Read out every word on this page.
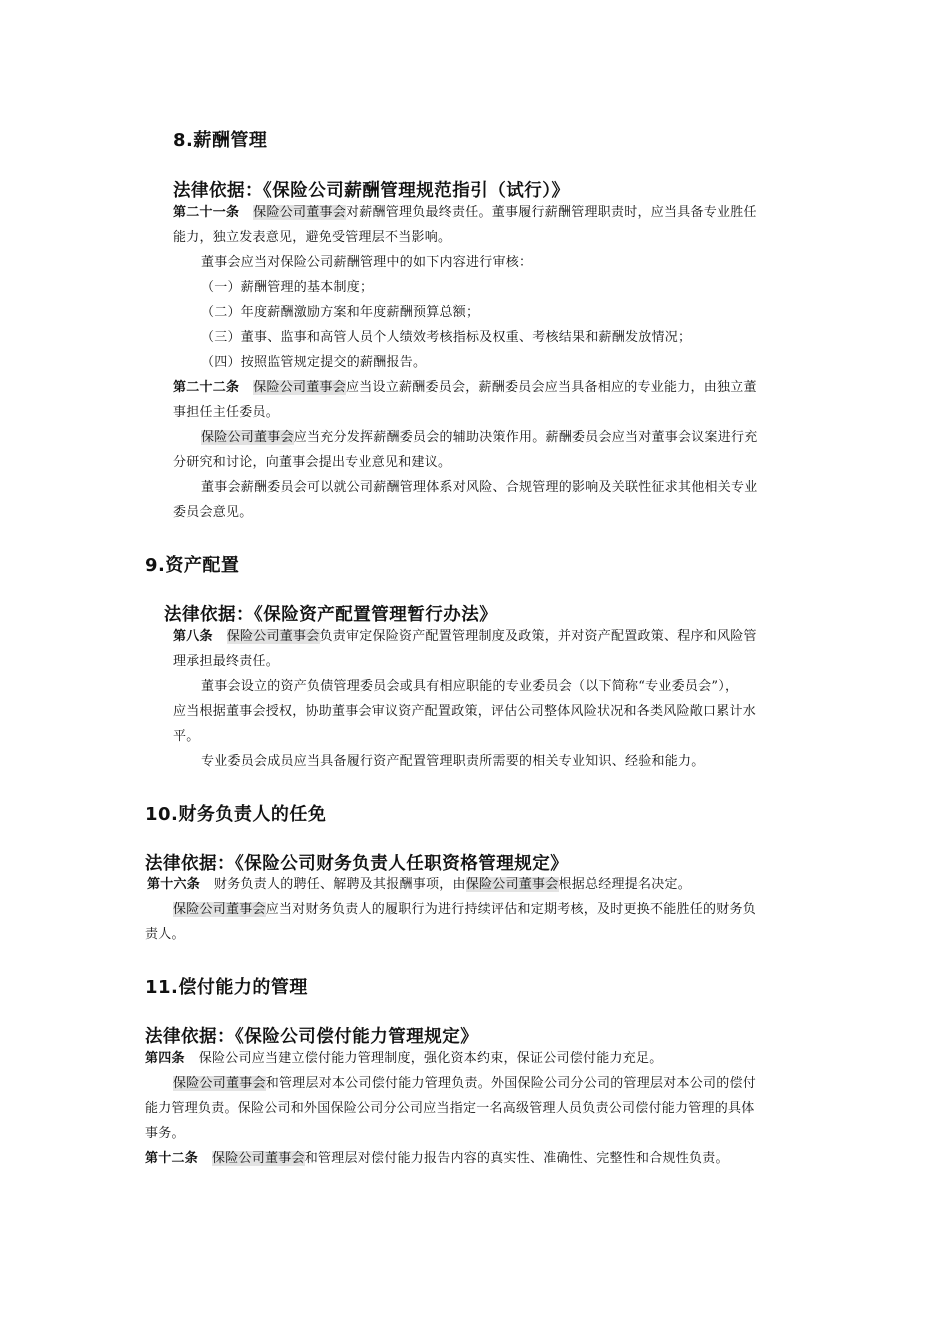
8.薪酬管理
法律依据：《保险公司薪酬管理规范指引（试行）》
第二十一条 保险公司董事会对薪酬管理负最终责任。董事履行薪酬管理职责时，应当具备专业胜任
能力，独立发表意见，避免受管理层不当影响。
董事会应当对保险公司薪酬管理中的如下内容进行审核：
（一）薪酬管理的基本制度；
（二）年度薪酬激励方案和年度薪酬预算总额；
（三）董事、监事和高管人员个人绩效考核指标及权重、考核结果和薪酬发放情况；
（四）按照监管规定提交的薪酬报告。
第二十二条 保险公司董事会应当设立薪酬委员会，薪酬委员会应当具备相应的专业能力，由独立董
事担任主任委员。
保险公司董事会应当充分发挥薪酬委员会的辅助决策作用。薪酬委员会应当对董事会议案进行充
分研究和讨论，向董事会提出专业意见和建议。
董事会薪酬委员会可以就公司薪酬管理体系对风险、合规管理的影响及关联性征求其他相关专业
委员会意见。
9.资产配置
法律依据：《保险资产配置管理暂行办法》
第八条 保险公司董事会负责审定保险资产配置管理制度及政策，并对资产配置政策、程序和风险管
理承担最终责任。
董事会设立的资产负债管理委员会或具有相应职能的专业委员会（以下简称“专业委员会”），
应当根据董事会授权，协助董事会审议资产配置政策，评估公司整体风险状况和各类风险敞口累计水
平。
专业委员会成员应当具备履行资产配置管理职责所需要的相关专业知识、经验和能力。
10.财务负责人的任免
法律依据：《保险公司财务负责人任职资格管理规定》
第十六条 财务负责人的聘任、解聘及其报酬事项，由保险公司董事会根据总经理提名决定。
保险公司董事会应当对财务负责人的履职行为进行持续评估和定期考核，及时更换不能胜任的财务负
责人。
11.偿付能力的管理
法律依据：《保险公司偿付能力管理规定》
第四条 保险公司应当建立偿付能力管理制度，强化资本约束，保证公司偿付能力充足。
保险公司董事会和管理层对本公司偿付能力管理负责。外国保险公司分公司的管理层对本公司的偿付
能力管理负责。保险公司和外国保险公司分公司应当指定一名高级管理人员负责公司偿付能力管理的具体
事务。
第十二条 保险公司董事会和管理层对偿付能力报告内容的真实性、准确性、完整性和合规性负责。
